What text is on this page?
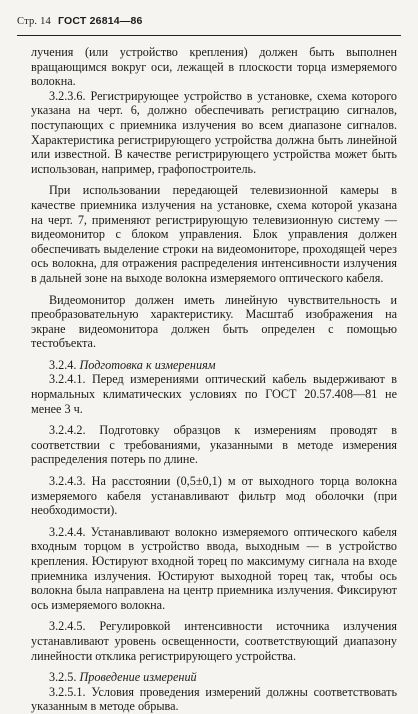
Стр. 14 ГОСТ 26814—86

лучения (или устройство крепления) должен быть выполнен вращающимся вокруг оси, лежащей в плоскости торца измеряемого волокна.

3.2.3.6. Регистрирующее устройство в установке, схема которого указана на черт. 6, должно обеспечивать регистрацию сигналов, поступающих с приемника излучения во всем диапазоне сигналов. Характеристика регистрирующего устройства должна быть линейной или известной. В качестве регистрирующего устройства может быть использован, например, графопостроитель.

При использовании передающей телевизионной камеры в качестве приемника излучения на установке, схема которой указана на черт. 7, применяют регистрирующую телевизионную систему — видеомонитор с блоком управления. Блок управления должен обеспечивать выделение строки на видеомониторе, проходящей через ось волокна, для отражения распределения интенсивности излучения в дальней зоне на выходе волокна измеряемого оптического кабеля.

Видеомонитор должен иметь линейную чувствительность и преобразовательную характеристику. Масштаб изображения на экране видеомонитора должен быть определен с помощью тестобъекта.

3.2.4. Подготовка к измерениям

3.2.4.1. Перед измерениями оптический кабель выдерживают в нормальных климатических условиях по ГОСТ 20.57.408—81 не менее 3 ч.

3.2.4.2. Подготовку образцов к измерениям проводят в соответствии с требованиями, указанными в методе измерения распределения потерь по длине.

3.2.4.3. На расстоянии (0,5±0,1) м от выходного торца волокна измеряемого кабеля устанавливают фильтр мод оболочки (при необходимости).

3.2.4.4. Устанавливают волокно измеряемого оптического кабеля входным торцом в устройство ввода, выходным — в устройство крепления. Юстируют входной торец по максимуму сигнала на входе приемника излучения. Юстируют выходной торец так, чтобы ось волокна была направлена на центр приемника излучения. Фиксируют ось измеряемого волокна.

3.2.4.5. Регулировкой интенсивности источника излучения устанавливают уровень освещенности, соответствующий диапазону линейности отклика регистрирующего устройства.

3.2.5. Проведение измерений

3.2.5.1. Условия проведения измерений должны соответствовать указанным в методе обрыва.
